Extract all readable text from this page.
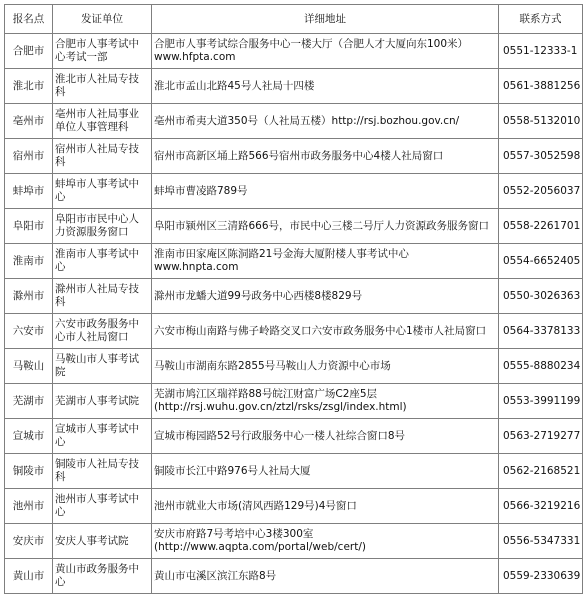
报名点	发证单位	详细地址	联系方式
合肥市	合肥市人事考试中心考试一部	合肥市人事考试综合服务中心一楼大厅（合肥人才大厦向东100米）www.hfpta.com	0551-12333-1
淮北市	淮北市人社局专技科	淮北市孟山北路45号人社局十四楼	0561-3881256
亳州市	亳州市人社局事业单位人事管理科	亳州市希夷大道350号（人社局五楼）http://rsj.bozhou.gov.cn/	0558-5132010
宿州市	宿州市人社局专技科	宿州市高新区埇上路566号宿州市政务服务中心4楼人社局窗口	0557-3052598
蚌埠市	蚌埠市人事考试中心	蚌埠市曹凌路789号	0552-2056037
阜阳市	阜阳市市民中心人力资源服务窗口	阜阳市颍州区三清路666号，市民中心三楼二号厅人力资源政务服务窗口	0558-2261701
淮南市	淮南市人事考试中心	淮南市田家庵区陈洞路21号金海大厦附楼人事考试中心 www.hnpta.com	0554-6652405
滁州市	滁州市人社局专技科	滁州市龙蟠大道99号政务中心西楼8楼829号	0550-3026363
六安市	六安市政务服务中心市人社局窗口	六安市梅山南路与佛子岭路交叉口六安市政务服务中心1楼市人社局窗口	0564-3378133
马鞍山	马鞍山市人事考试院	马鞍山市湖南东路2855号马鞍山人力资源中心市场	0555-8880234
芜湖市	芜湖市人事考试院	芜湖市鸠江区瑞祥路88号皖江财富广场C2座5层(http://rsj.wuhu.gov.cn/ztzl/rsks/zsgl/index.html)	0553-3991199
宣城市	宣城市人事考试中心	宣城市梅园路52号行政服务中心一楼人社综合窗口8号	0563-2719277
铜陵市	铜陵市人社局专技科	铜陵市长江中路976号人社局大厦	0562-2168521
池州市	池州市人事考试中心	池州市就业大市场(清风西路129号)4号窗口	0566-3219216
安庆市	安庆人事考试院	安庆市府路7号考培中心3楼300室(http://www.aqpta.com/portal/web/cert/)	0556-5347331
黄山市	黄山市政务服务中心	黄山市屯溪区滨江东路8号	0559-2330639
